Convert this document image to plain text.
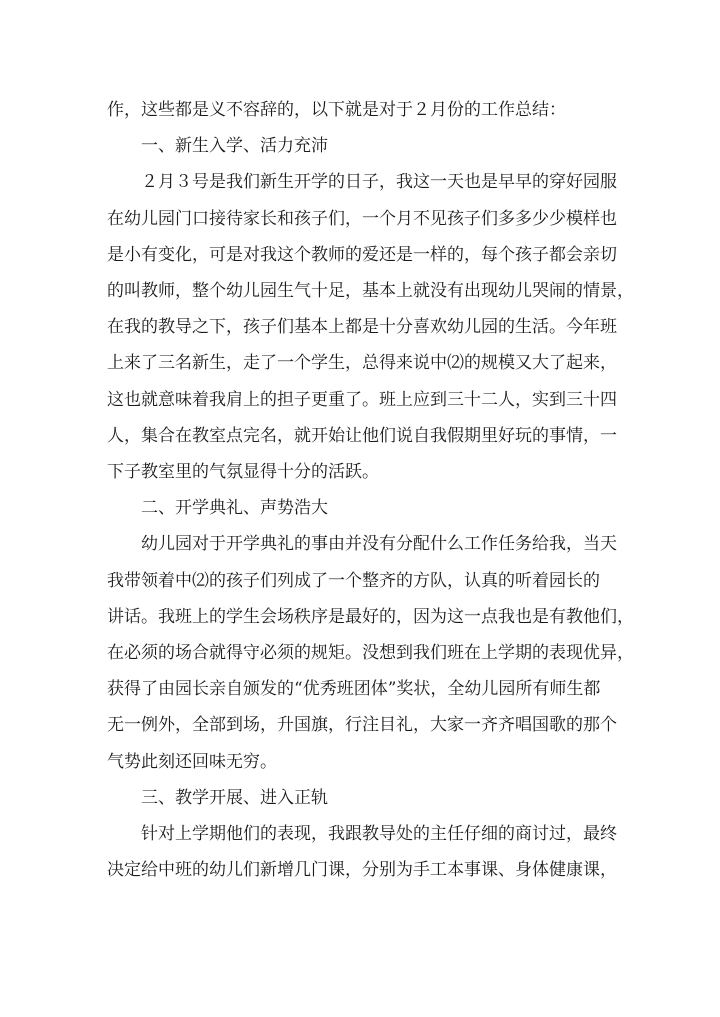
作，这些都是义不容辞的，以下就是对于２月份的工作总结：
一、新生入学、活力充沛
２月３号是我们新生开学的日子，我这一天也是早早的穿好园服
在幼儿园门口接待家长和孩子们，一个月不见孩子们多多少少模样也
是小有变化，可是对我这个教师的爱还是一样的，每个孩子都会亲切
的叫教师，整个幼儿园生气十足，基本上就没有出现幼儿哭闹的情景，
在我的教导之下，孩子们基本上都是十分喜欢幼儿园的生活。今年班
上来了三名新生，走了一个学生，总得来说中⑵的规模又大了起来，
这也就意味着我肩上的担子更重了。班上应到三十二人，实到三十四
人，集合在教室点完名，就开始让他们说自我假期里好玩的事情，一
下子教室里的气氛显得十分的活跃。
二、开学典礼、声势浩大
幼儿园对于开学典礼的事由并没有分配什么工作任务给我，当天
我带领着中⑵的孩子们列成了一个整齐的方队，认真的听着园长的
讲话。我班上的学生会场秩序是最好的，因为这一点我也是有教他们，
在必须的场合就得守必须的规矩。没想到我们班在上学期的表现优异，
获得了由园长亲自颁发的“优秀班团体”奖状，全幼儿园所有师生都
无一例外，全部到场，升国旗，行注目礼，大家一齐齐唱国歌的那个
气势此刻还回味无穷。
三、教学开展、进入正轨
针对上学期他们的表现，我跟教导处的主任仔细的商讨过，最终
决定给中班的幼儿们新增几门课，分别为手工本事课、身体健康课，
